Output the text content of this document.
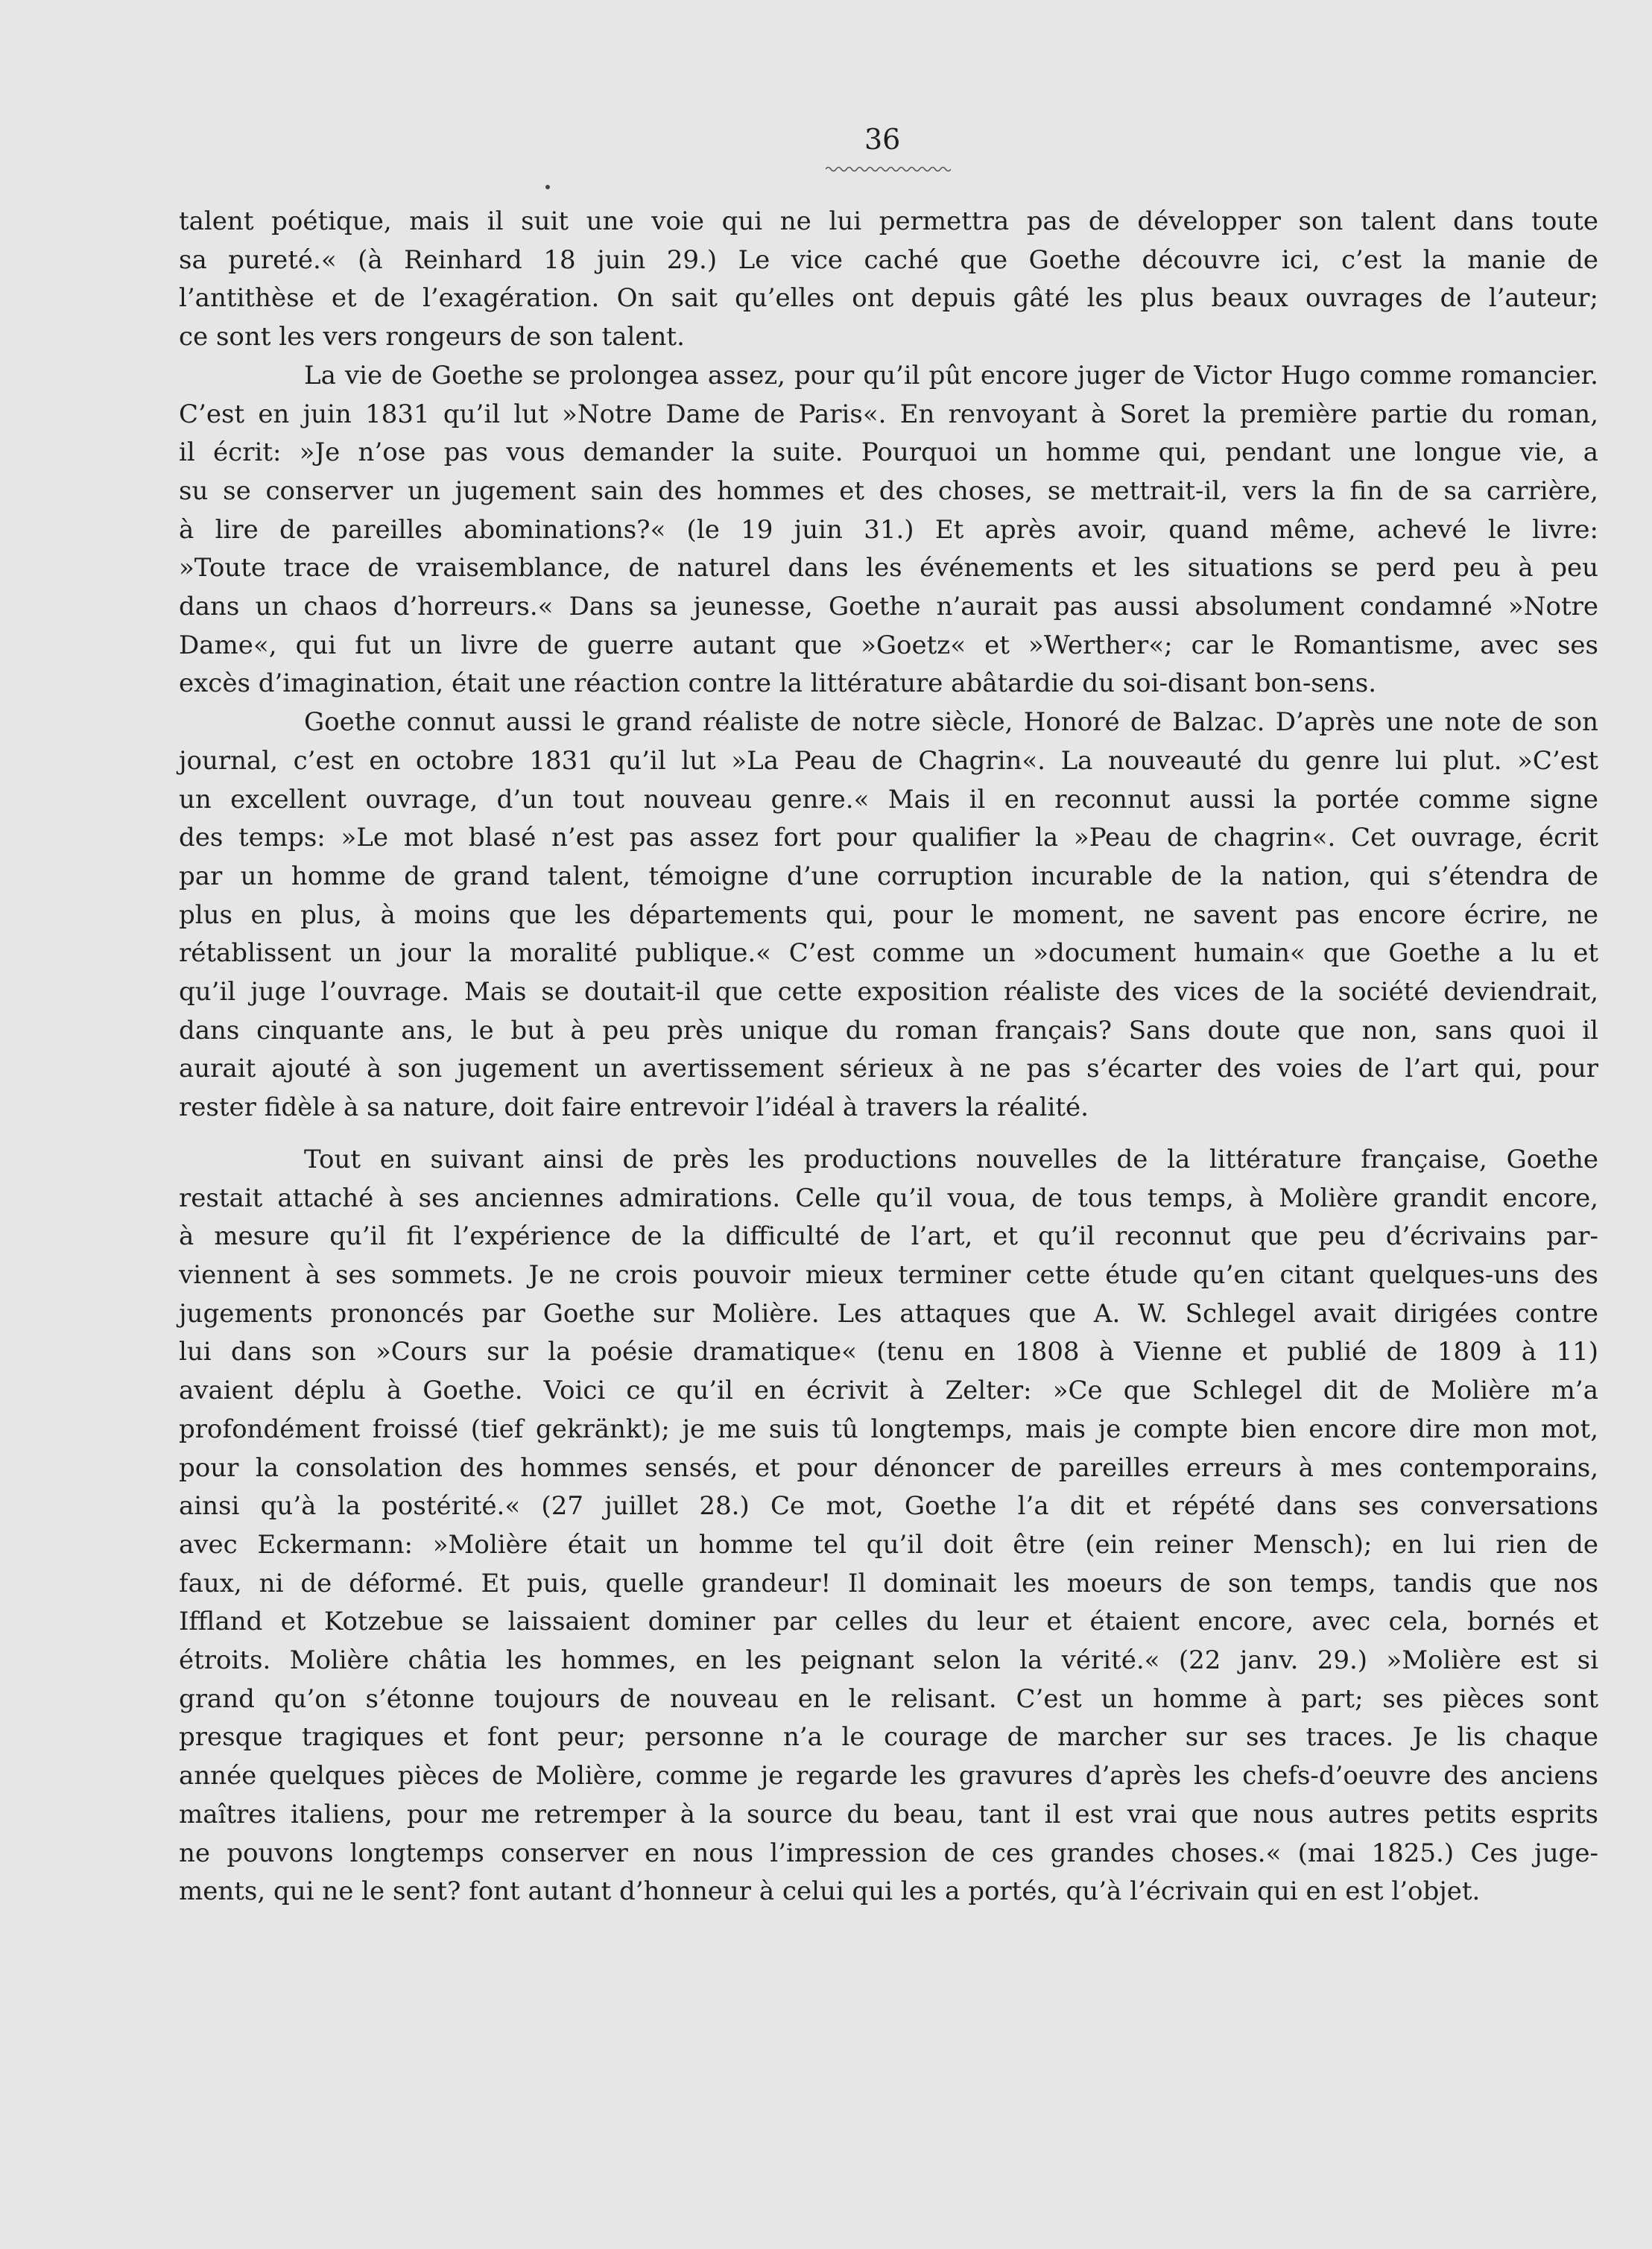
36
talent poétique, mais il suit une voie qui ne lui permettra pas de développer son talent dans toute
sa pureté.« (à Reinhard 18 juin 29.) Le vice caché que Goethe découvre ici, c’est la manie de
l’antithèse et de l’exagération. On sait qu’elles ont depuis gâté les plus beaux ouvrages de l’auteur;
ce sont les vers rongeurs de son talent.
La vie de Goethe se prolongea assez, pour qu’il pût encore juger de Victor Hugo comme romancier.
C’est en juin 1831 qu’il lut »Notre Dame de Paris«. En renvoyant à Soret la première partie du roman,
il écrit: »Je n’ose pas vous demander la suite. Pourquoi un homme qui, pendant une longue vie, a
su se conserver un jugement sain des hommes et des choses, se mettrait-il, vers la fin de sa carrière,
à lire de pareilles abominations?« (le 19 juin 31.) Et après avoir, quand même, achevé le livre:
»Toute trace de vraisemblance, de naturel dans les événements et les situations se perd peu à peu
dans un chaos d’horreurs.« Dans sa jeunesse, Goethe n’aurait pas aussi absolument condamné »Notre
Dame«, qui fut un livre de guerre autant que »Goetz« et »Werther«; car le Romantisme, avec ses
excès d’imagination, était une réaction contre la littérature abâtardie du soi-disant bon-sens.
Goethe connut aussi le grand réaliste de notre siècle, Honoré de Balzac. D’après une note de son
journal, c’est en octobre 1831 qu’il lut »La Peau de Chagrin«. La nouveauté du genre lui plut. »C’est
un excellent ouvrage, d’un tout nouveau genre.« Mais il en reconnut aussi la portée comme signe
des temps: »Le mot blasé n’est pas assez fort pour qualifier la »Peau de chagrin«. Cet ouvrage, écrit
par un homme de grand talent, témoigne d’une corruption incurable de la nation, qui s’étendra de
plus en plus, à moins que les départements qui, pour le moment, ne savent pas encore écrire, ne
rétablissent un jour la moralité publique.« C’est comme un »document humain« que Goethe a lu et
qu’il juge l’ouvrage. Mais se doutait-il que cette exposition réaliste des vices de la société deviendrait,
dans cinquante ans, le but à peu près unique du roman français? Sans doute que non, sans quoi il
aurait ajouté à son jugement un avertissement sérieux à ne pas s’écarter des voies de l’art qui, pour
rester fidèle à sa nature, doit faire entrevoir l’idéal à travers la réalité.
Tout en suivant ainsi de près les productions nouvelles de la littérature française, Goethe
restait attaché à ses anciennes admirations. Celle qu’il voua, de tous temps, à Molière grandit encore,
à mesure qu’il fit l’expérience de la difficulté de l’art, et qu’il reconnut que peu d’écrivains par-
viennent à ses sommets. Je ne crois pouvoir mieux terminer cette étude qu’en citant quelques-uns des
jugements prononcés par Goethe sur Molière. Les attaques que A. W. Schlegel avait dirigées contre
lui dans son »Cours sur la poésie dramatique« (tenu en 1808 à Vienne et publié de 1809 à 11)
avaient déplu à Goethe. Voici ce qu’il en écrivit à Zelter: »Ce que Schlegel dit de Molière m’a
profondément froissé (tief gekränkt); je me suis tû longtemps, mais je compte bien encore dire mon mot,
pour la consolation des hommes sensés, et pour dénoncer de pareilles erreurs à mes contemporains,
ainsi qu’à la postérité.« (27 juillet 28.) Ce mot, Goethe l’a dit et répété dans ses conversations
avec Eckermann: »Molière était un homme tel qu’il doit être (ein reiner Mensch); en lui rien de
faux, ni de déformé. Et puis, quelle grandeur! Il dominait les moeurs de son temps, tandis que nos
Iffland et Kotzebue se laissaient dominer par celles du leur et étaient encore, avec cela, bornés et
étroits. Molière châtia les hommes, en les peignant selon la vérité.« (22 janv. 29.) »Molière est si
grand qu’on s’étonne toujours de nouveau en le relisant. C’est un homme à part; ses pièces sont
presque tragiques et font peur; personne n’a le courage de marcher sur ses traces. Je lis chaque
année quelques pièces de Molière, comme je regarde les gravures d’après les chefs-d’oeuvre des anciens
maîtres italiens, pour me retremper à la source du beau, tant il est vrai que nous autres petits esprits
ne pouvons longtemps conserver en nous l’impression de ces grandes choses.« (mai 1825.) Ces juge-
ments, qui ne le sent? font autant d’honneur à celui qui les a portés, qu’à l’écrivain qui en est l’objet.
